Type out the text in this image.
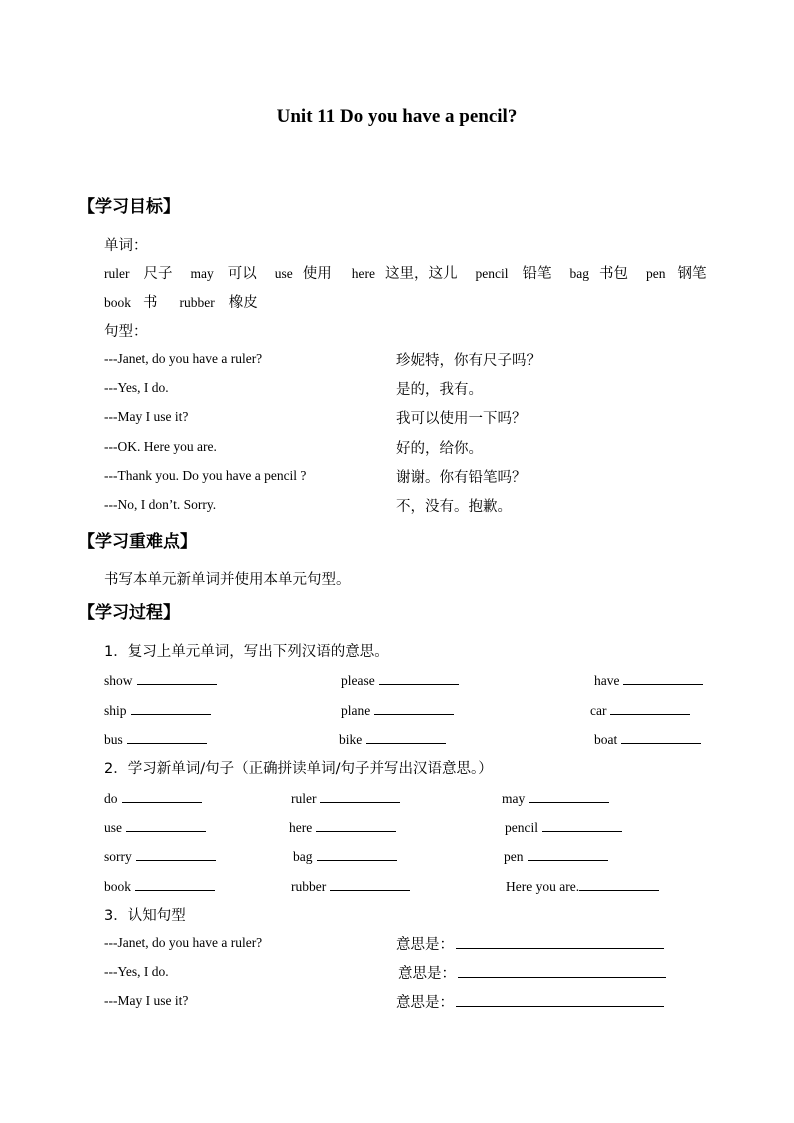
Unit 11 Do you have a pencil?
【学习目标】
单词：
ruler 尺子 may 可以 use 使用 here 这里，这儿 pencil 铅笔 bag 书包 pen 钢笔
book 书 rubber 橡皮
句型：
---Janet, do you have a ruler?	珍妮特，你有尺子吗？
---Yes, I do.	是的，我有。
---May I use it?	我可以使用一下吗？
---OK. Here you are.	好的，给你。
---Thank you. Do you have a pencil ?	谢谢。你有铅笔吗？
---No, I don’t. Sorry.	不，没有。抱歉。
【学习重难点】
书写本单元新单词并使用本单元句型。
【学习过程】
1．复习上单元单词，写出下列汉语的意思。
show	please	have
ship	plane	car
bus	bike	boat
2．学习新单词/句子（正确拼读单词/句子并写出汉语意思。）
do	ruler	may
use	here	pencil
sorry	bag	pen
book	rubber	Here you are.
3．认知句型
---Janet, do you have a ruler?	意思是：
---Yes, I do.	意思是：
---May I use it?	意思是：
